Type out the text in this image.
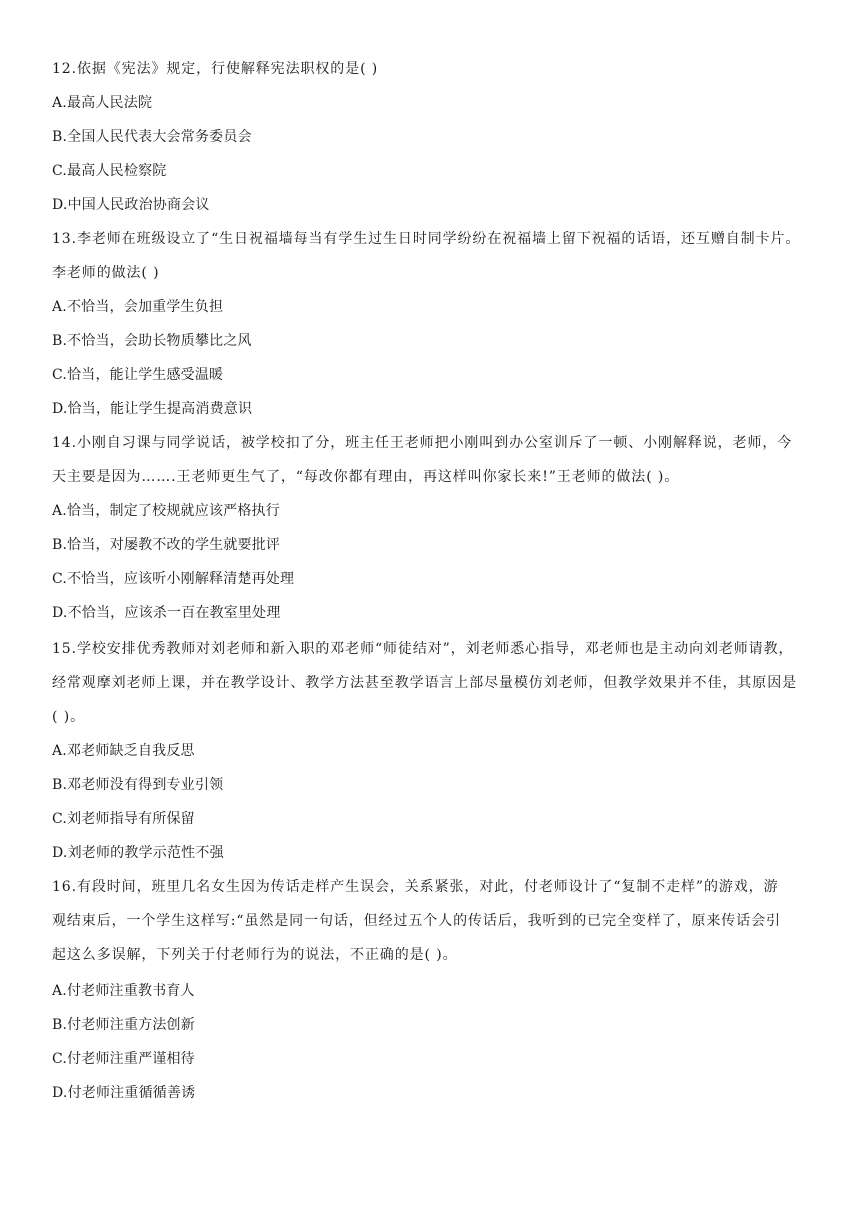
12.依据《宪法》规定，行使解释宪法职权的是( )
A.最高人民法院
B.全国人民代表大会常务委员会
C.最高人民检察院
D.中国人民政治协商会议
13.李老师在班级设立了“生日祝福墙每当有学生过生日时同学纷纷在祝福墙上留下祝福的话语，还互赠自制卡片。
李老师的做法( )
A.不恰当，会加重学生负担
B.不恰当，会助长物质攀比之风
C.恰当，能让学生感受温暖
D.恰当，能让学生提高消费意识
14.小刚自习课与同学说话，被学校扣了分，班主任王老师把小刚叫到办公室训斥了一顿、小刚解释说，老师，今
天主要是因为…….王老师更生气了，“每改你都有理由，再这样叫你家长来!”王老师的做法( )。
A.恰当，制定了校规就应该严格执行
B.恰当，对屡教不改的学生就要批评
C.不恰当，应该听小刚解释清楚再处理
D.不恰当，应该杀一百在教室里处理
15.学校安排优秀教师对刘老师和新入职的邓老师“师徒结对”，刘老师悉心指导，邓老师也是主动向刘老师请教，
经常观摩刘老师上课，并在教学设计、教学方法甚至教学语言上部尽量模仿刘老师，但教学效果并不佳，其原因是
( )。
A.邓老师缺乏自我反思
B.邓老师没有得到专业引领
C.刘老师指导有所保留
D.刘老师的教学示范性不强
16.有段时间，班里几名女生因为传话走样产生误会，关系紧张，对此，付老师设计了“复制不走样”的游戏，游
观结束后，一个学生这样写:“虽然是同一句话，但经过五个人的传话后，我听到的已完全变样了，原来传话会引
起这么多误解，下列关于付老师行为的说法，不正确的是( )。
A.付老师注重教书育人
B.付老师注重方法创新
C.付老师注重严谨相待
D.付老师注重循循善诱
